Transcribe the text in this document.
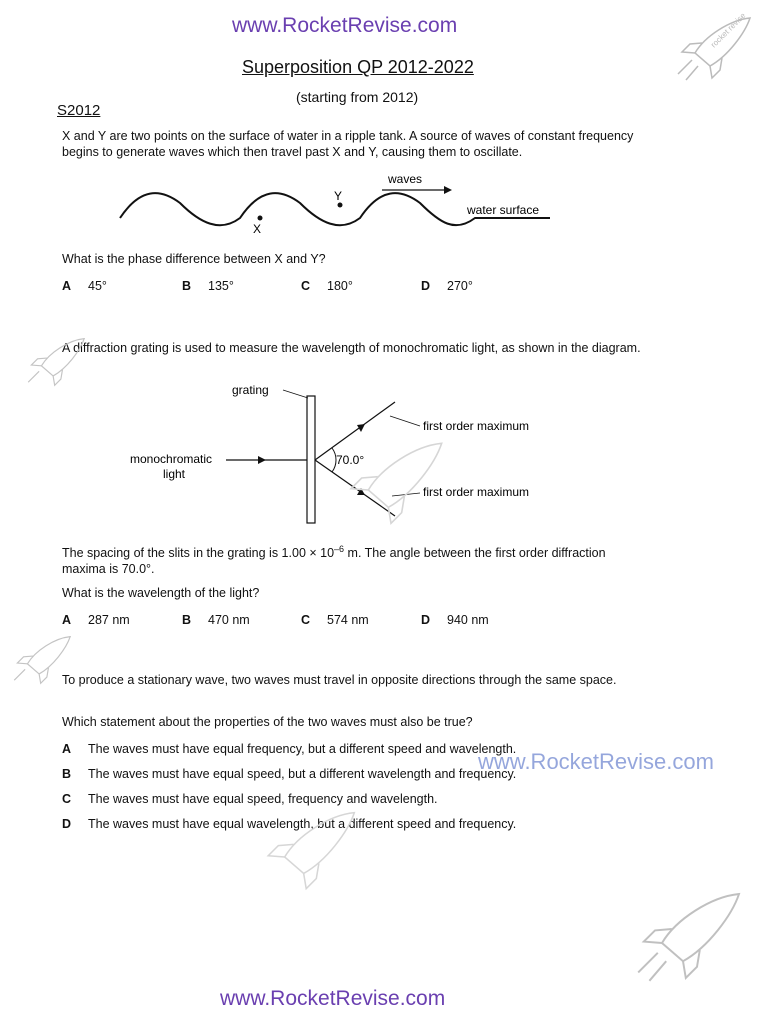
www.RocketRevise.com
Superposition QP 2012-2022
(starting from 2012)
S2012
X and Y are two points on the surface of water in a ripple tank. A source of waves of constant frequency begins to generate waves which then travel past X and Y, causing them to oscillate.
X
Y
waves
water surface
What is the phase difference between X and Y?
A 45°	B 135°	C 180°	D 270°
A diffraction grating is used to measure the wavelength of monochromatic light, as shown in the diagram.
grating
monochromatic
light
70.0°
first order maximum
first order maximum
The spacing of the slits in the grating is $1.00 \times 10^{-6}$ m. The angle between the first order diffraction maxima is 70.0°.
What is the wavelength of the light?
A 287 nm	B 470 nm	C 574 nm	D 940 nm
To produce a stationary wave, two waves must travel in opposite directions through the same space.
Which statement about the properties of the two waves must also be true?
A The waves must have equal frequency, but a different speed and wavelength.
B The waves must have equal speed, but a different wavelength and frequency.
C The waves must have equal speed, frequency and wavelength.
D The waves must have equal wavelength, but a different speed and frequency.
www.RocketRevise.com
rocket revise
www.RocketRevise.com
